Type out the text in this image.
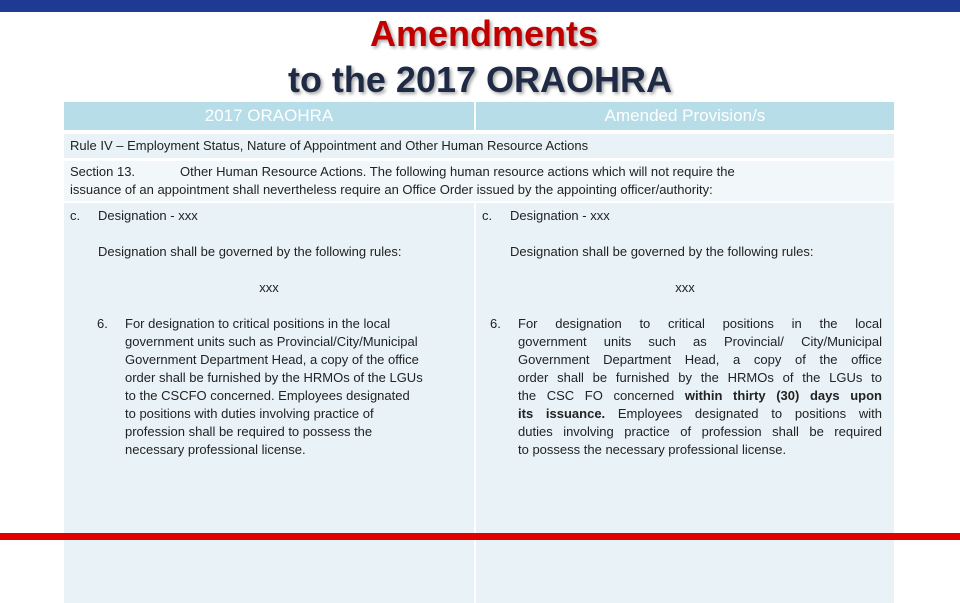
Amendments
to the 2017 ORAOHRA
2017 ORAOHRA	Amended Provision/s
Rule IV – Employment Status, Nature of Appointment and Other Human Resource Actions
Section 13.	Other Human Resource Actions. The following human resource actions which will not require the
issuance of an appointment shall nevertheless require an Office Order issued by the appointing officer/authority:
c. Designation - xxx
Designation shall be governed by the following rules:
xxx
6. For designation to critical positions in the local
government units such as Provincial/City/Municipal
Government Department Head, a copy of the office
order shall be furnished by the HRMOs of the LGUs
to the CSCFO concerned. Employees designated
to positions with duties involving practice of
profession shall be required to possess the
necessary professional license.
c. Designation - xxx
Designation shall be governed by the following rules:
xxx
6. For designation to critical positions in the local
government units such as Provincial/ City/Municipal
Government Department Head, a copy of the office
order shall be furnished by the HRMOs of the LGUs to
the CSC FO concerned within thirty (30) days upon
its issuance. Employees designated to positions with
duties involving practice of profession shall be required
to possess the necessary professional license.
